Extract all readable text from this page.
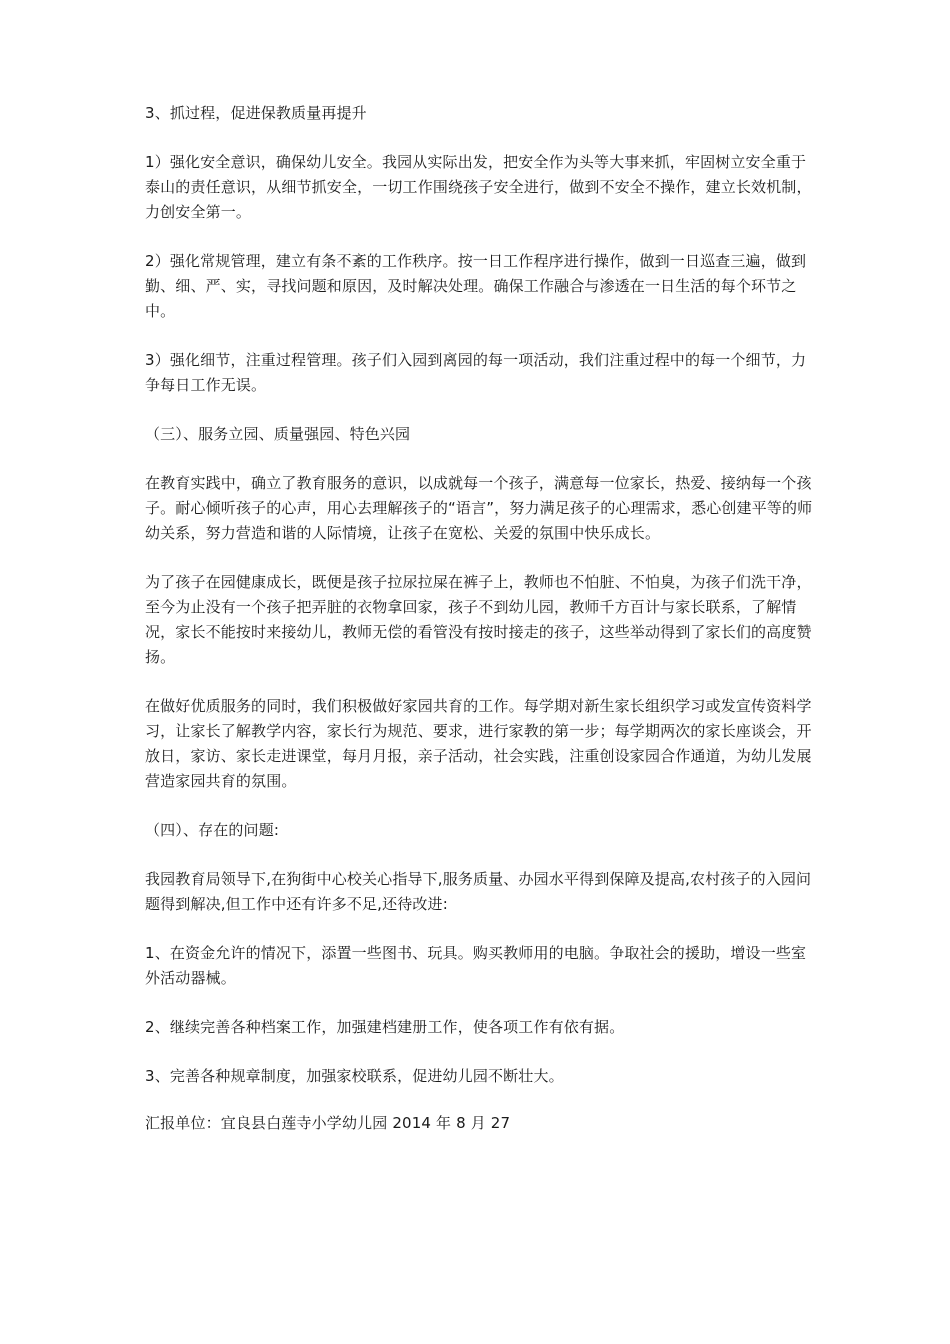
3、抓过程，促进保教质量再提升

1）强化安全意识，确保幼儿安全。我园从实际出发，把安全作为头等大事来抓，牢固树立安全重于泰山的责任意识，从细节抓安全，一切工作围绕孩子安全进行，做到不安全不操作，建立长效机制，力创安全第一。

2）强化常规管理，建立有条不紊的工作秩序。按一日工作程序进行操作，做到一日巡查三遍，做到勤、细、严、实，寻找问题和原因，及时解决处理。确保工作融合与渗透在一日生活的每个环节之中。

3）强化细节，注重过程管理。孩子们入园到离园的每一项活动，我们注重过程中的每一个细节，力争每日工作无误。

（三）、服务立园、质量强园、特色兴园

在教育实践中，确立了教育服务的意识，以成就每一个孩子，满意每一位家长，热爱、接纳每一个孩子。耐心倾听孩子的心声，用心去理解孩子的“语言”，努力满足孩子的心理需求，悉心创建平等的师幼关系，努力营造和谐的人际情境，让孩子在宽松、关爱的氛围中快乐成长。

为了孩子在园健康成长，既便是孩子拉尿拉屎在裤子上，教师也不怕脏、不怕臭，为孩子们洗干净，至今为止没有一个孩子把弄脏的衣物拿回家，孩子不到幼儿园，教师千方百计与家长联系，了解情况，家长不能按时来接幼儿，教师无偿的看管没有按时接走的孩子，这些举动得到了家长们的高度赞扬。

在做好优质服务的同时，我们积极做好家园共育的工作。每学期对新生家长组织学习或发宣传资料学习，让家长了解教学内容，家长行为规范、要求，进行家教的第一步；每学期两次的家长座谈会，开放日，家访、家长走进课堂，每月月报，亲子活动，社会实践，注重创设家园合作通道，为幼儿发展营造家园共育的氛围。

（四）、存在的问题:

我园教育局领导下,在狗街中心校关心指导下,服务质量、办园水平得到保障及提高,农村孩子的入园问题得到解决,但工作中还有许多不足,还待改进:

1、在资金允许的情况下，添置一些图书、玩具。购买教师用的电脑。争取社会的援助，增设一些室外活动器械。

2、继续完善各种档案工作，加强建档建册工作，使各项工作有依有据。

3、完善各种规章制度，加强家校联系，促进幼儿园不断壮大。

汇报单位：宜良县白莲寺小学幼儿园 2014 年 8 月 27
